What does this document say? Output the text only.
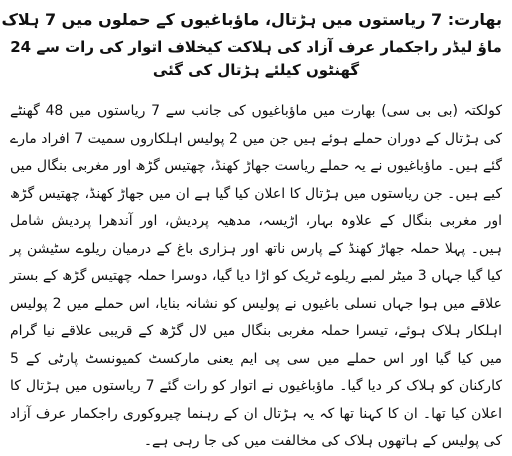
بھارت: 7 ریاستوں میں ہڑتال، ماؤباغیوں کے حملوں میں 7 ہلاک
ماؤ لیڈر راجکمار عرف آزاد کی ہلاکت کیخلاف اتوار کی رات سے 24 گھنٹوں کیلئے ہڑتال کی گئی

کولکتہ (بی بی سی) بھارت میں ماؤباغیوں کی جانب سے 7 ریاستوں میں 48 گھنٹے کی ہڑتال کے دوران حملے ہوئے ہیں جن میں 2 پولیس اہلکاروں سمیت 7 افراد مارے گئے ہیں۔ ماؤباغیوں نے یہ حملے ریاست جھاڑ کھنڈ، چھتیس گڑھ اور مغربی بنگال میں کیے ہیں۔ جن ریاستوں میں ہڑتال کا اعلان کیا گیا ہے ان میں جھاڑ کھنڈ، چھتیس گڑھ اور مغربی بنگال کے علاوہ بہار، اڑیسہ، مدھیہ پردیش، اور آندھرا پردیش شامل ہیں۔ پہلا حملہ جھاڑ کھنڈ کے پارس ناتھ اور ہزاری باغ کے درمیان ریلوے سٹیشن پر کیا گیا جہاں 3 میٹر لمبے ریلوے ٹریک کو اڑا دیا گیا، دوسرا حملہ چھتیس گڑھ کے بستر علاقے میں ہوا جہاں نسلی باغیوں نے پولیس کو نشانہ بنایا، اس حملے میں 2 پولیس اہلکار ہلاک ہوئے، تیسرا حملہ مغربی بنگال میں لال گڑھ کے قریبی علاقے نیا گرام میں کیا گیا اور اس حملے میں سی پی ایم یعنی مارکسٹ کمیونسٹ پارٹی کے 5 کارکنان کو ہلاک کر دیا گیا۔ ماؤباغیوں نے اتوار کو رات گئے 7 ریاستوں میں ہڑتال کا اعلان کیا تھا۔ ان کا کہنا تھا کہ یہ ہڑتال ان کے رہنما چیروکوری راجکمار عرف آزاد کی پولیس کے ہاتھوں ہلاک کی مخالفت میں کی جا رہی ہے۔
